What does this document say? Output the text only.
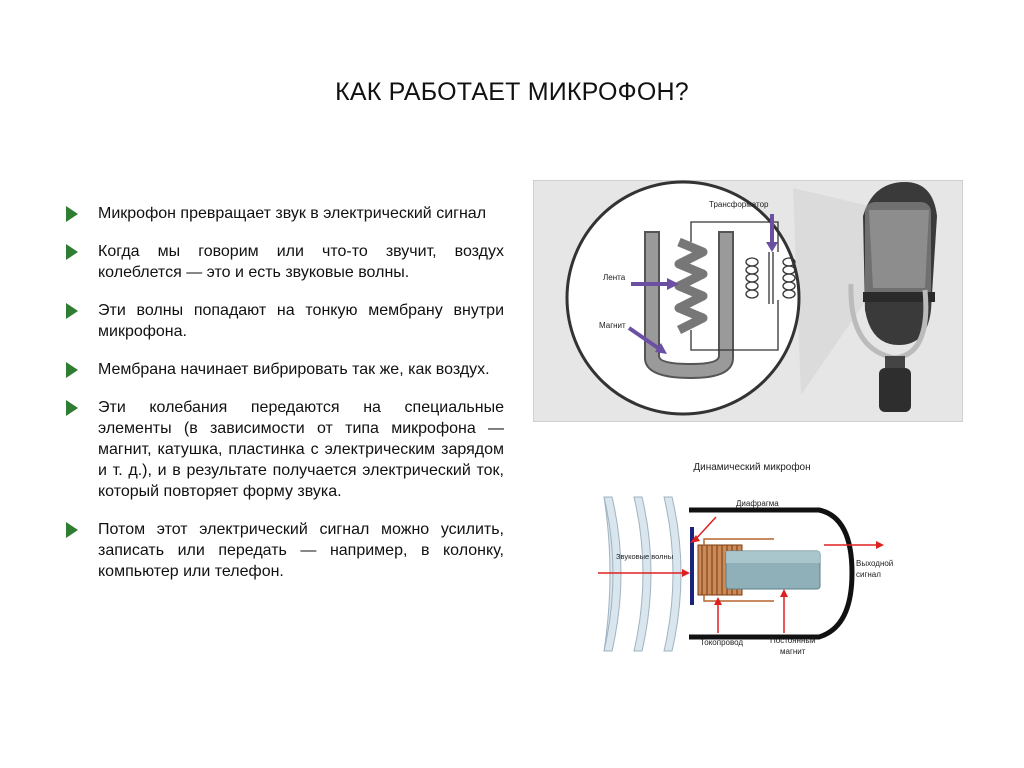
КАК РАБОТАЕТ МИКРОФОН?
Микрофон превращает звук в электрический сигнал
Когда мы говорим или что-то звучит, воздух колеблется — это и есть звуковые волны.
Эти волны попадают на тонкую мембрану внутри микрофона.
Мембрана начинает вибрировать так же, как воздух.
Эти колебания передаются на специальные элементы (в зависимости от типа микрофона — магнит, катушка, пластинка с электрическим зарядом и т. д.), и в результате получается электрический ток, который повторяет форму звука.
Потом этот электрический сигнал можно усилить, записать или передать — например, в колонку, компьютер или телефон.
Трансформатор
Лента
Магнит
Динамический микрофон
Диафрагма
Звуковые волны
Выходной
сигнал
Токопровод	Постоянный
магнит
